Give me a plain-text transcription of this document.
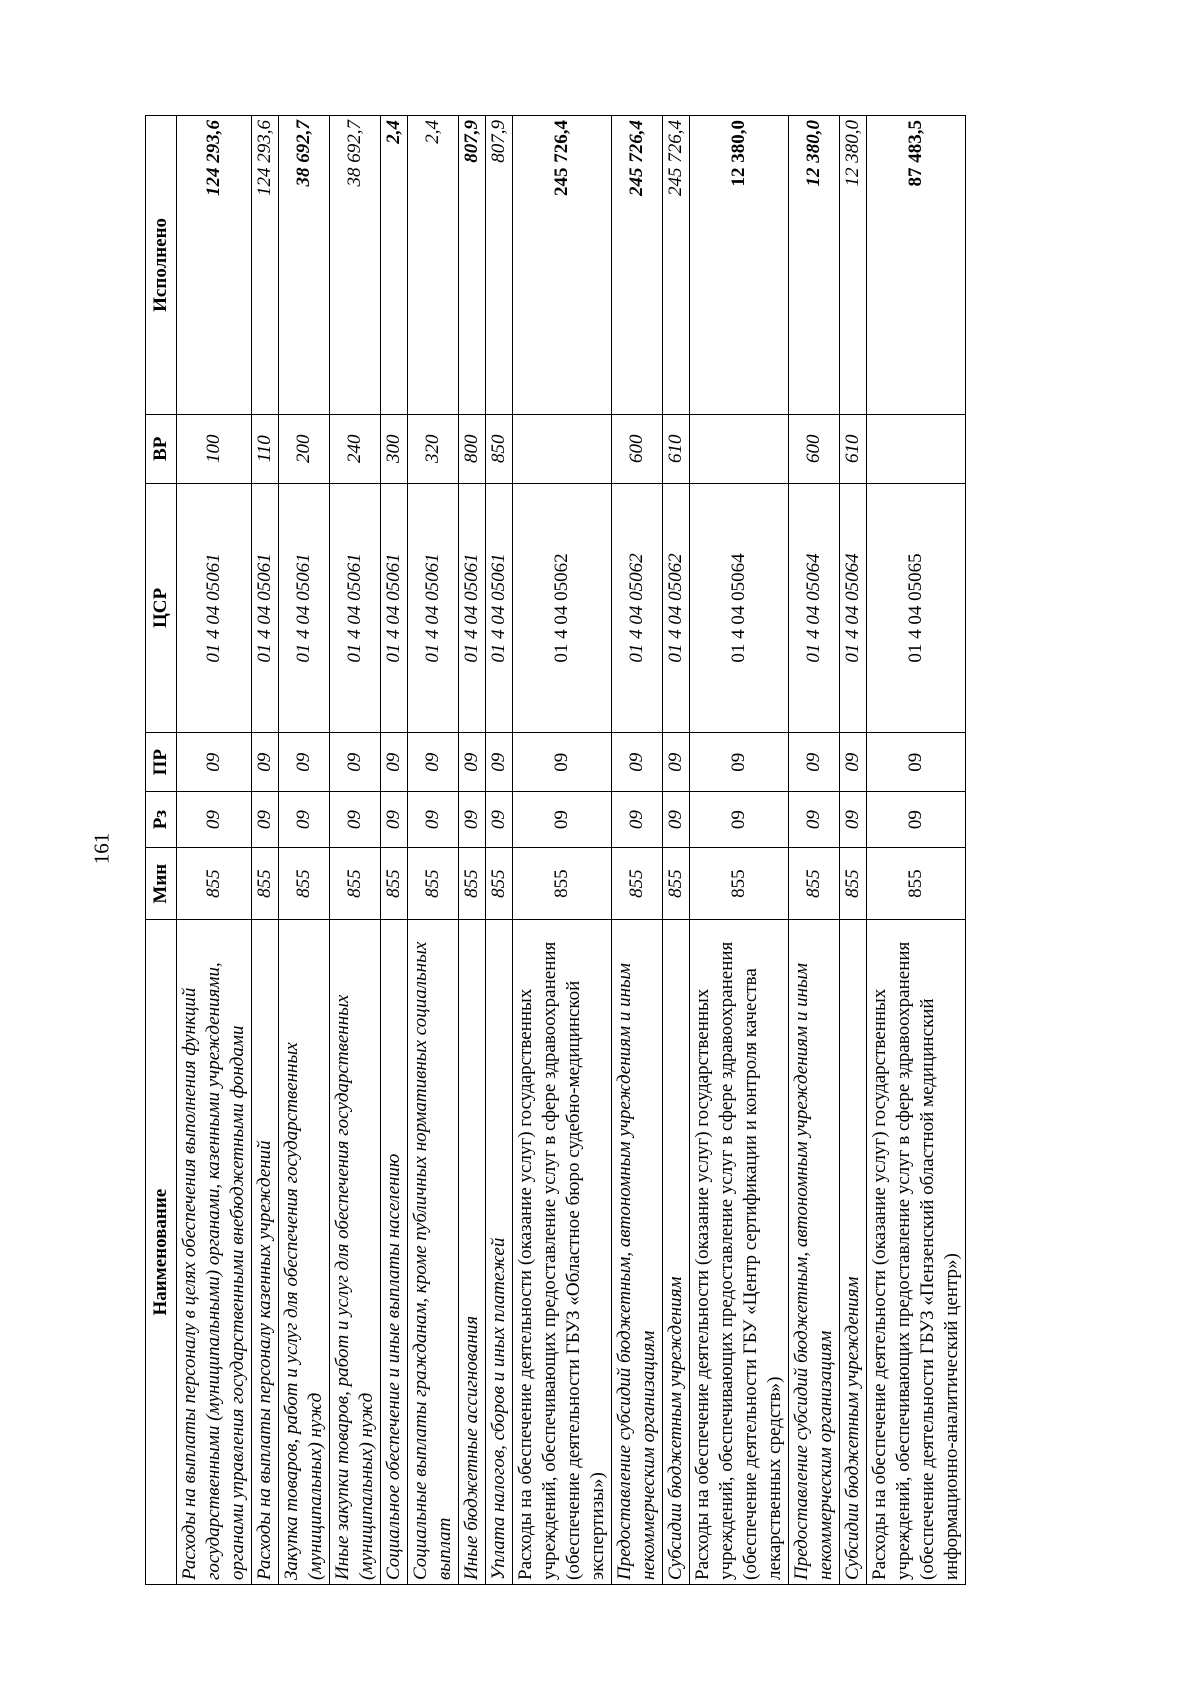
161
Наименование	Мин	Рз	ПР	ЦСР	ВР	Исполнено
Расходы на выплаты персоналу в целях обеспечения выполнения функций государственными (муниципальными) органами, казенными учреждениями, органами управления государственными внебюджетными фондами	855	09	09	01 4 04 05061	100	124 293,6
Расходы на выплаты персоналу казенных учреждений	855	09	09	01 4 04 05061	110	124 293,6
Закупка товаров, работ и услуг для обеспечения государственных (муниципальных) нужд	855	09	09	01 4 04 05061	200	38 692,7
Иные закупки товаров, работ и услуг для обеспечения государственных (муниципальных) нужд	855	09	09	01 4 04 05061	240	38 692,7
Социальное обеспечение и иные выплаты населению	855	09	09	01 4 04 05061	300	2,4
Социальные выплаты гражданам, кроме публичных нормативных социальных выплат	855	09	09	01 4 04 05061	320	2,4
Иные бюджетные ассигнования	855	09	09	01 4 04 05061	800	807,9
Уплата налогов, сборов и иных платежей	855	09	09	01 4 04 05061	850	807,9
Расходы на обеспечение деятельности (оказание услуг) государственных учреждений, обеспечивающих предоставление услуг в сфере здравоохранения (обеспечение деятельности ГБУЗ «Областное бюро судебно-медицинской экспертизы»)	855	09	09	01 4 04 05062		245 726,4
Предоставление субсидий бюджетным, автономным учреждениям и иным некоммерческим организациям	855	09	09	01 4 04 05062	600	245 726,4
Субсидии бюджетным учреждениям	855	09	09	01 4 04 05062	610	245 726,4
Расходы на обеспечение деятельности (оказание услуг) государственных учреждений, обеспечивающих предоставление услуг в сфере здравоохранения (обеспечение деятельности ГБУ «Центр сертификации и контроля качества лекарственных средств»)	855	09	09	01 4 04 05064		12 380,0
Предоставление субсидий бюджетным, автономным учреждениям и иным некоммерческим организациям	855	09	09	01 4 04 05064	600	12 380,0
Субсидии бюджетным учреждениям	855	09	09	01 4 04 05064	610	12 380,0
Расходы на обеспечение деятельности (оказание услуг) государственных учреждений, обеспечивающих предоставление услуг в сфере здравоохранения (обеспечение деятельности ГБУЗ «Пензенский областной медицинский информационно-аналитический центр»)	855	09	09	01 4 04 05065		87 483,5
